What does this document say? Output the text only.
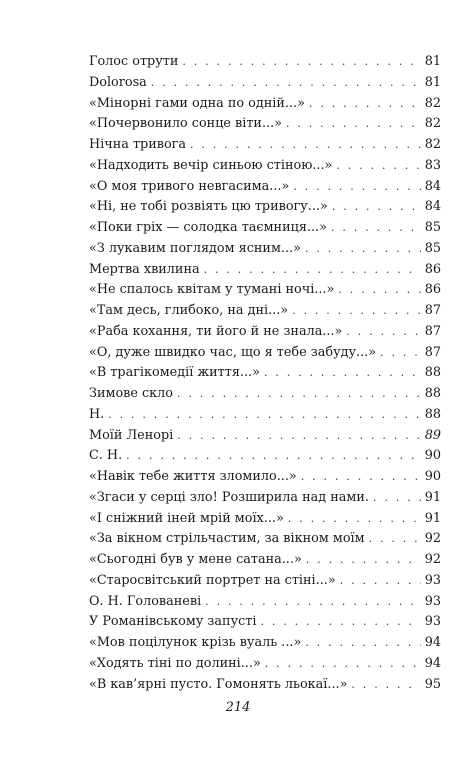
Голос отрути . . .	81
Dolorosa . . .	81
«Мінорні гами одна по одній...» . . .	82
«Почервонило сонце віти...» . . .	82
Нічна тривога . . .	82
«Надходить вечір синьою стіною...» . . .	83
«О моя тривого невгасима...» . . .	84
«Ні, не тобі розвіять цю тривогу...» . . .	84
«Поки гріх — солодка таємниця...» . . .	85
«З лукавим поглядом ясним...» . . .	85
Мертва хвилина . . .	86
«Не спалось квітам у тумані ночі...» . . .	86
«Там десь, глибоко, на дні...» . . .	87
«Раба кохання, ти його й не знала...» . . .	87
«О, дуже швидко час, що я тебе забуду...» . . .	87
«В трагікомедії життя...» . . .	88
Зимове скло . . .	88
Н. . . .	88
Моїй Ленорі . . .	89
С. Н. . . .	90
«Навік тебе життя зломило...» . . .	90
«Згаси у серці зло! Розширила над нами. . . .	91
«І сніжний іней мрій моїх...» . . .	91
«За вікном стрільчастим, за вікном моїм . . .	92
«Сьогодні був у мене сатана...» . . .	92
«Старосвітський портрет на стіні...» . . .	93
О. Н. Голованеві . . .	93
У Романівському запусті . . .	93
«Мов поцілунок крізь вуаль ...» . . .	94
«Ходять тіні по долині...» . . .	94
«В кав’ярні пусто. Гомонять льокаї...» . . .	95
214
